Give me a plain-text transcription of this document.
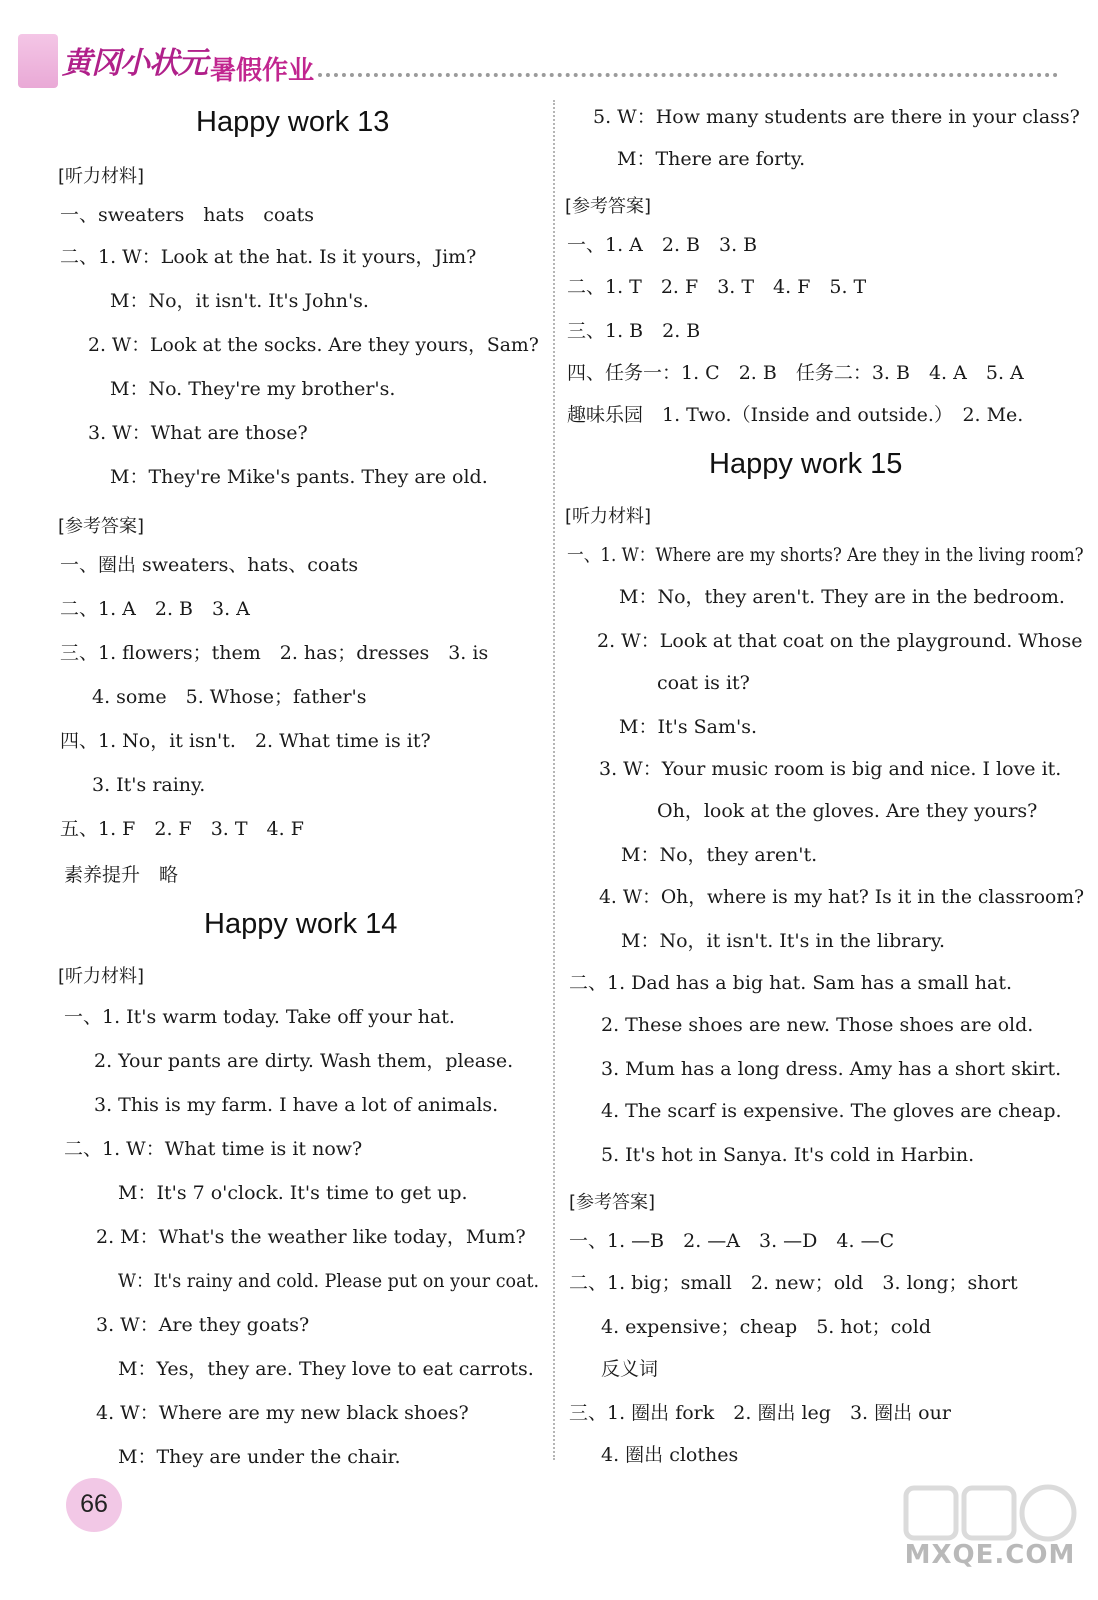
黄冈小状元 暑假作业
Happy work 13
[听力材料]
一、sweaters　hats　coats
二、1. W：Look at the hat. Is it yours，Jim?
M：No，it isn't. It's John's.
2. W：Look at the socks. Are they yours，Sam?
M：No. They're my brother's.
3. W：What are those?
M：They're Mike's pants. They are old.
[参考答案]
一、圈出 sweaters、hats、coats
二、1. A　2. B　3. A
三、1. flowers；them　2. has；dresses　3. is
4. some　5. Whose；father's
四、1. No，it isn't.　2. What time is it?
3. It's rainy.
五、1. F　2. F　3. T　4. F
素养提升　略
Happy work 14
[听力材料]
一、1. It's warm today. Take off your hat.
2. Your pants are dirty. Wash them，please.
3. This is my farm. I have a lot of animals.
二、1. W：What time is it now?
M：It's 7 o'clock. It's time to get up.
2. M：What's the weather like today，Mum?
W：It's rainy and cold. Please put on your coat.
3. W：Are they goats?
M：Yes，they are. They love to eat carrots.
4. W：Where are my new black shoes?
M：They are under the chair.
5. W：How many students are there in your class?
M：There are forty.
[参考答案]
一、1. A　2. B　3. B
二、1. T　2. F　3. T　4. F　5. T
三、1. B　2. B
四、任务一：1. C　2. B　任务二：3. B　4. A　5. A
趣味乐园　1. Two.（Inside and outside.）　2. Me.
Happy work 15
[听力材料]
一、1. W：Where are my shorts? Are they in the living room?
M：No，they aren't. They are in the bedroom.
2. W：Look at that coat on the playground. Whose
coat is it?
M：It's Sam's.
3. W：Your music room is big and nice. I love it.
Oh，look at the gloves. Are they yours?
M：No，they aren't.
4. W：Oh，where is my hat? Is it in the classroom?
M：No，it isn't. It's in the library.
二、1. Dad has a big hat. Sam has a small hat.
2. These shoes are new. Those shoes are old.
3. Mum has a long dress. Amy has a short skirt.
4. The scarf is expensive. The gloves are cheap.
5. It's hot in Sanya. It's cold in Harbin.
[参考答案]
一、1. —B　2. —A　3. —D　4. —C
二、1. big；small　2. new；old　3. long；short
4. expensive；cheap　5. hot；cold
反义词
三、1. 圈出 fork　2. 圈出 leg　3. 圈出 our
4. 圈出 clothes
66
MXQE.COM
